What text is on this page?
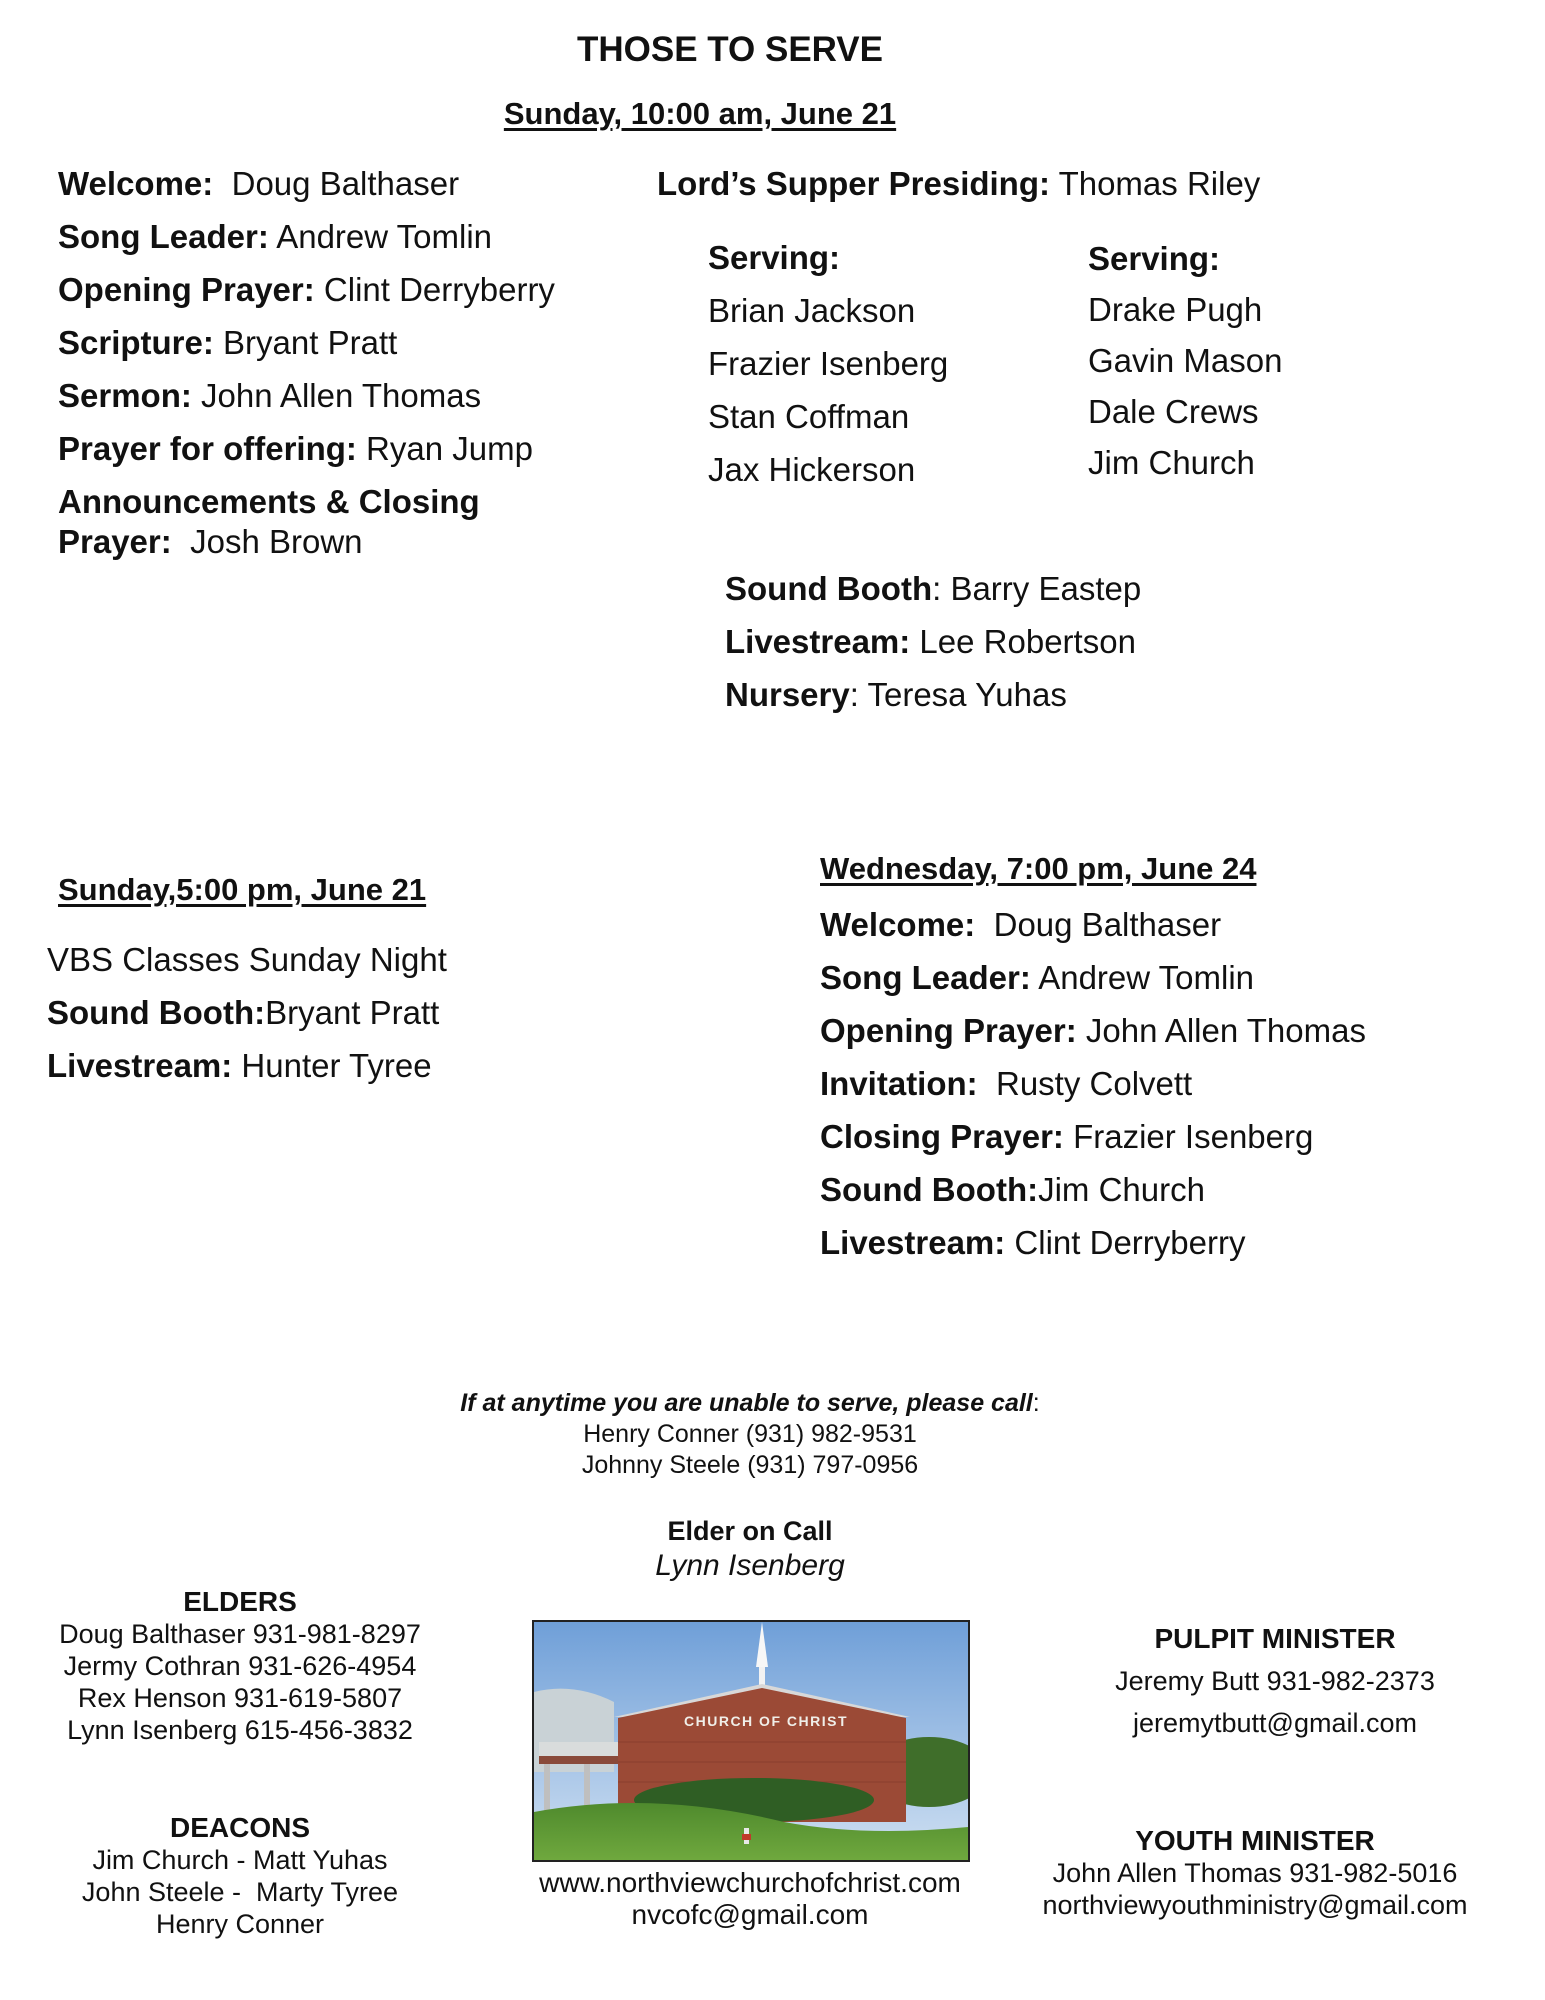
THOSE TO SERVE
Sunday, 10:00 am, June 21
Welcome:  Doug Balthaser
Song Leader: Andrew Tomlin
Opening Prayer: Clint Derryberry
Scripture: Bryant Pratt
Sermon: John Allen Thomas
Prayer for offering: Ryan Jump
Announcements & Closing
Prayer:  Josh Brown
Lord’s Supper Presiding: Thomas Riley
Serving:
Brian Jackson
Frazier Isenberg
Stan Coffman
Jax Hickerson
Serving:
Drake Pugh
Gavin Mason
Dale Crews
Jim Church
Sound Booth: Barry Eastep
Livestream: Lee Robertson
Nursery: Teresa Yuhas
Sunday,5:00 pm, June 21
VBS Classes Sunday Night
Sound Booth:Bryant Pratt
Livestream: Hunter Tyree
Wednesday, 7:00 pm, June 24
Welcome:  Doug Balthaser
Song Leader: Andrew Tomlin
Opening Prayer: John Allen Thomas
Invitation:  Rusty Colvett
Closing Prayer: Frazier Isenberg
Sound Booth:Jim Church
Livestream: Clint Derryberry
If at anytime you are unable to serve, please call:
Henry Conner (931) 982-9531
Johnny Steele (931) 797-0956
Elder on Call
Lynn Isenberg
ELDERS
Doug Balthaser 931-981-8297
Jermy Cothran 931-626-4954
Rex Henson 931-619-5807
Lynn Isenberg 615-456-3832
DEACONS
Jim Church - Matt Yuhas
John Steele -  Marty Tyree
Henry Conner
CHURCH OF CHRIST
www.northviewchurchofchrist.com
nvcofc@gmail.com
PULPIT MINISTER
Jeremy Butt 931-982-2373
jeremytbutt@gmail.com
YOUTH MINISTER
John Allen Thomas 931-982-5016
northviewyouthministry@gmail.com
